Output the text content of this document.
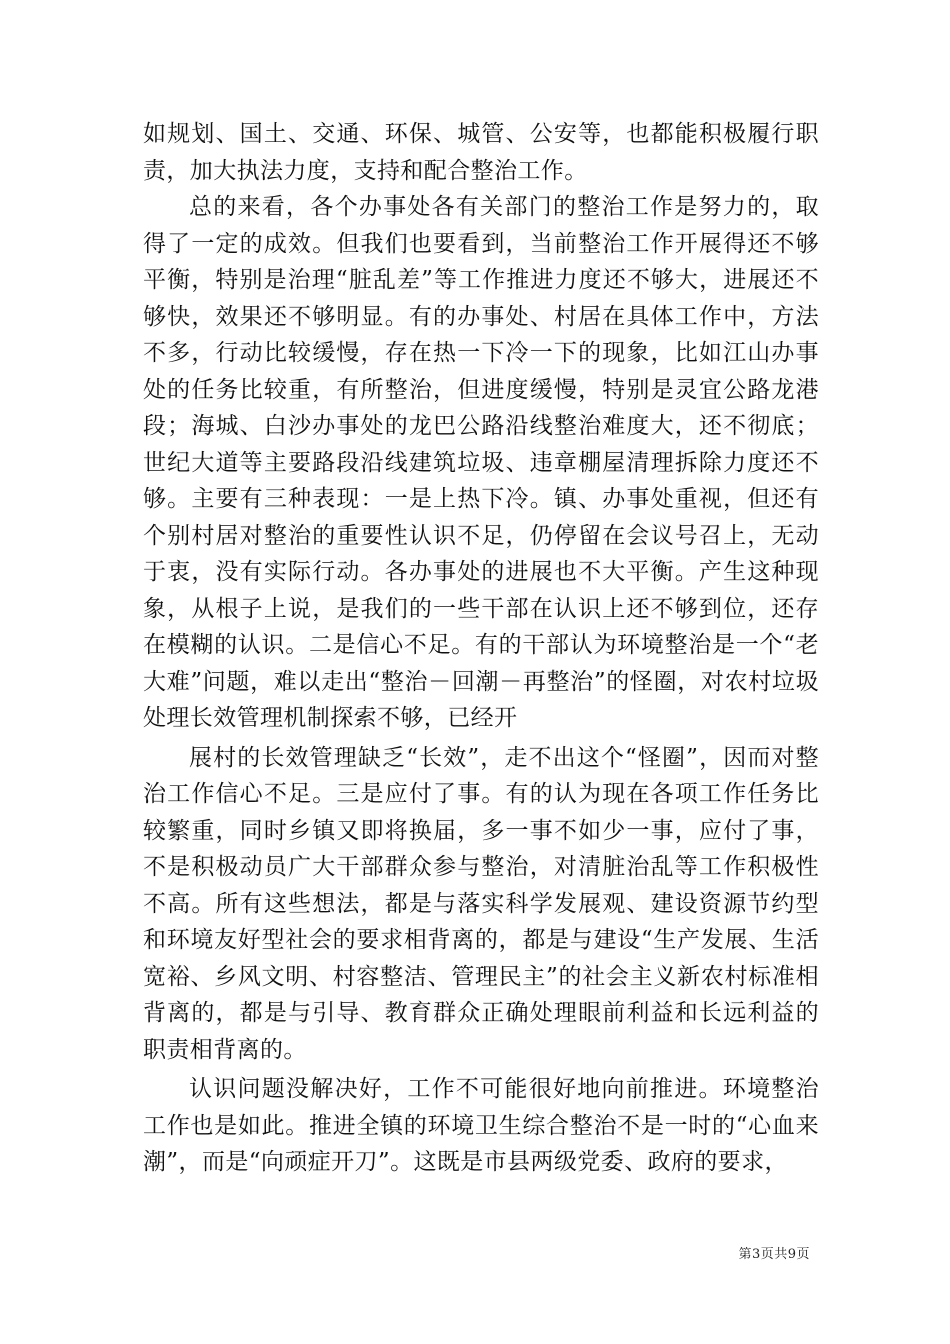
如规划、国土、交通、环保、城管、公安等，也都能积极履行职责，加大执法力度，支持和配合整治工作。

总的来看，各个办事处各有关部门的整治工作是努力的，取得了一定的成效。但我们也要看到，当前整治工作开展得还不够平衡，特别是治理“脏乱差”等工作推进力度还不够大，进展还不够快，效果还不够明显。有的办事处、村居在具体工作中，方法不多，行动比较缓慢，存在热一下冷一下的现象，比如江山办事处的任务比较重，有所整治，但进度缓慢，特别是灵宜公路龙港段；海城、白沙办事处的龙巴公路沿线整治难度大，还不彻底；世纪大道等主要路段沿线建筑垃圾、违章棚屋清理拆除力度还不够。主要有三种表现：一是上热下冷。镇、办事处重视，但还有个别村居对整治的重要性认识不足，仍停留在会议号召上，无动于衷，没有实际行动。各办事处的进展也不大平衡。产生这种现象，从根子上说，是我们的一些干部在认识上还不够到位，还存在模糊的认识。二是信心不足。有的干部认为环境整治是一个“老大难”问题，难以走出“整治－回潮－再整治”的怪圈，对农村垃圾处理长效管理机制探索不够，已经开

展村的长效管理缺乏“长效”，走不出这个“怪圈”，因而对整治工作信心不足。三是应付了事。有的认为现在各项工作任务比较繁重，同时乡镇又即将换届，多一事不如少一事，应付了事，不是积极动员广大干部群众参与整治，对清脏治乱等工作积极性不高。所有这些想法，都是与落实科学发展观、建设资源节约型和环境友好型社会的要求相背离的，都是与建设“生产发展、生活宽裕、乡风文明、村容整洁、管理民主”的社会主义新农村标准相背离的，都是与引导、教育群众正确处理眼前利益和长远利益的职责相背离的。

认识问题没解决好，工作不可能很好地向前推进。环境整治工作也是如此。推进全镇的环境卫生综合整治不是一时的“心血来潮”，而是“向顽症开刀”。这既是市县两级党委、政府的要求，

第3页共9页
